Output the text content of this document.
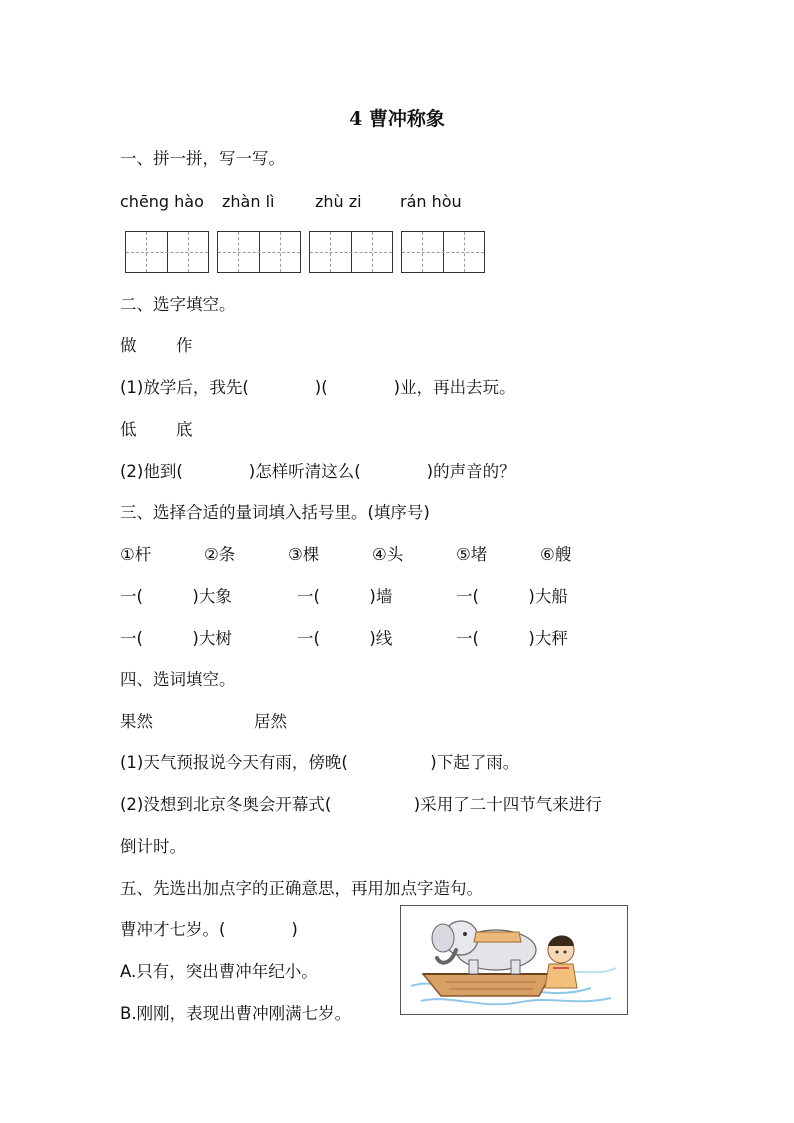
4 曹冲称象
一、拼一拼，写一写。
chēng hào zhàn lì	zhù zi rán hòu
二、选字填空。
做 作
(1)放学后，我先(　　　　)(　　　　)业，再出去玩。
低 底
(2)他到(　　　　)怎样听清这么(　　　　)的声音的？
三、选择合适的量词填入括号里。(填序号)
①杆	②条	③棵	④头	⑤堵	⑥艘
一(　　　)大象	一(　　　)墙	一(　　　)大船
一(　　　)大树	一(　　　)线	一(　　　)大秤
四、选词填空。
果然	居然
(1)天气预报说今天有雨，傍晚(　　　　　)下起了雨。
(2)没想到北京冬奥会开幕式(　　　　　)采用了二十四节气来进行
倒计时。
五、先选出加点字的正确意思，再用加点字造句。
曹冲才七岁。(　　　　)
A.只有，突出曹冲年纪小。
B.刚刚，表现出曹冲刚满七岁。
